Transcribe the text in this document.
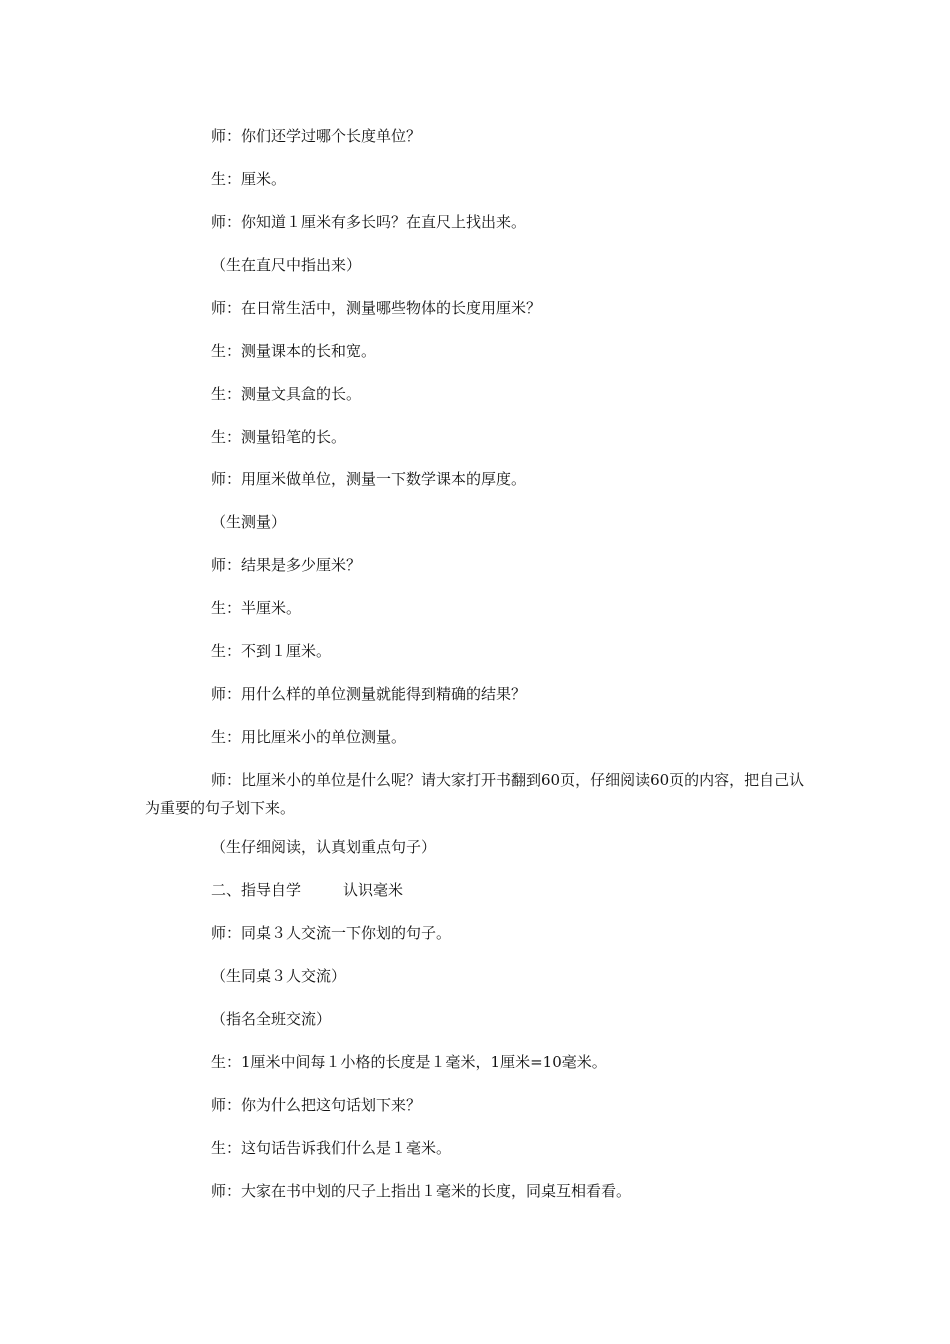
师：你们还学过哪个长度单位？

生：厘米。

师：你知道１厘米有多长吗？在直尺上找出来。

（生在直尺中指出来）

师：在日常生活中，测量哪些物体的长度用厘米？

生：测量课本的长和宽。

生：测量文具盒的长。

生：测量铅笔的长。

师：用厘米做单位，测量一下数学课本的厚度。

（生测量）

师：结果是多少厘米？

生：半厘米。

生：不到１厘米。

师：用什么样的单位测量就能得到精确的结果？

生：用比厘米小的单位测量。

师：比厘米小的单位是什么呢？请大家打开书翻到60页，仔细阅读60页的内容，把自己认为重要的句子划下来。

（生仔细阅读，认真划重点句子）

二、指导自学	认识毫米

师：同桌３人交流一下你划的句子。

（生同桌３人交流）

（指名全班交流）

生：1厘米中间每１小格的长度是１毫米，1厘米=10毫米。

师：你为什么把这句话划下来？

生：这句话告诉我们什么是１毫米。

师：大家在书中划的尺子上指出１毫米的长度，同桌互相看看。
